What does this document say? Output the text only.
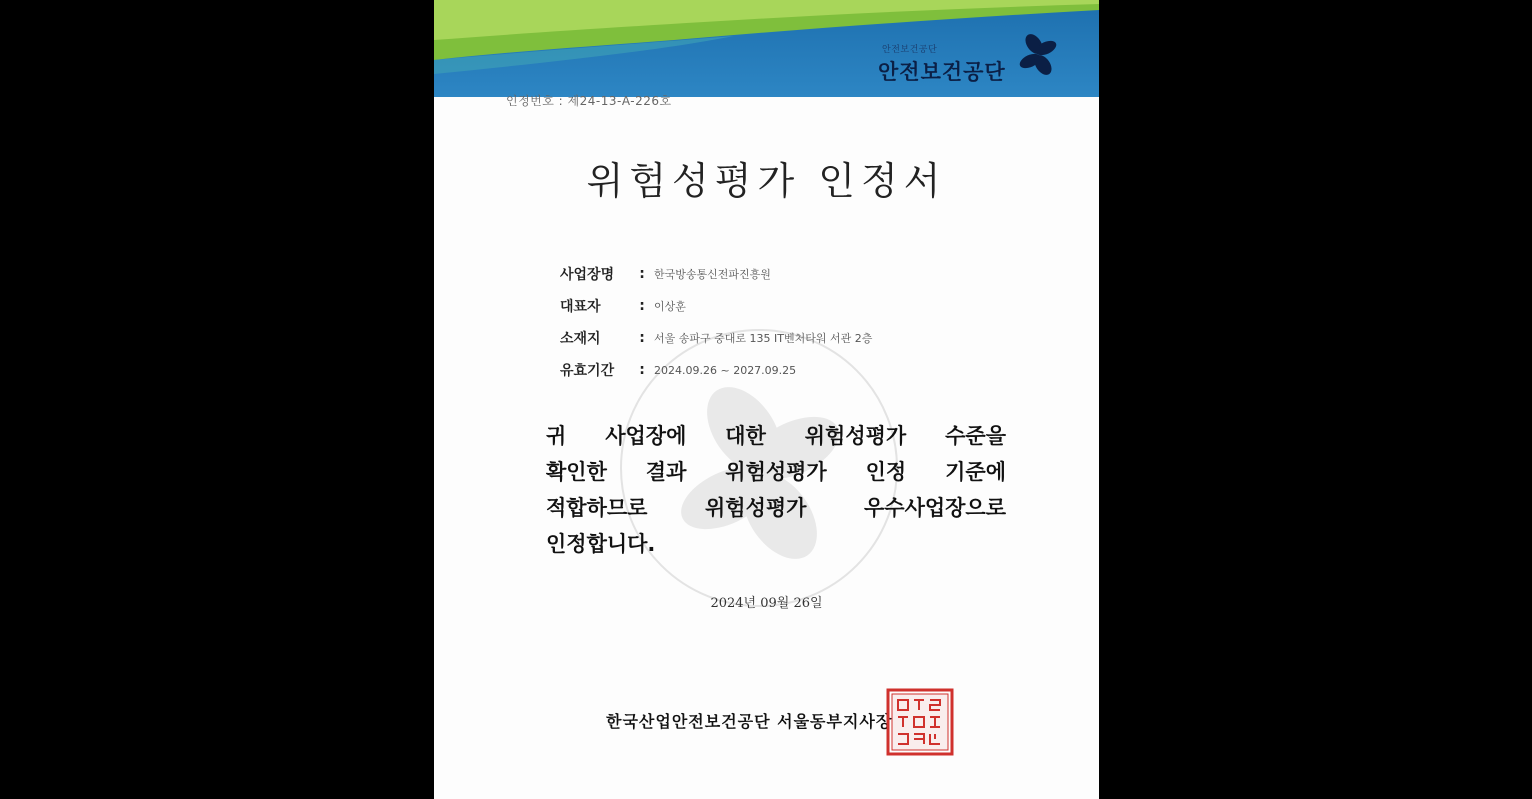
안전보건공단
안전보건공단
인정번호 : 제24-13-A-226호
위험성평가 인정서
사업장명	: 한국방송통신전파진흥원
대표자	: 이상훈
소재지	: 서울 송파구 중대로 135 IT벤처타워 서관 2층
유효기간	: 2024.09.26 ~ 2027.09.25
귀 사업장에 대한 위험성평가 수준을
확인한 결과 위험성평가 인정 기준에
적합하므로 위험성평가 우수사업장으로
인정합니다.
2024년 09월 26일
한국산업안전보건공단 서울동부지사장
